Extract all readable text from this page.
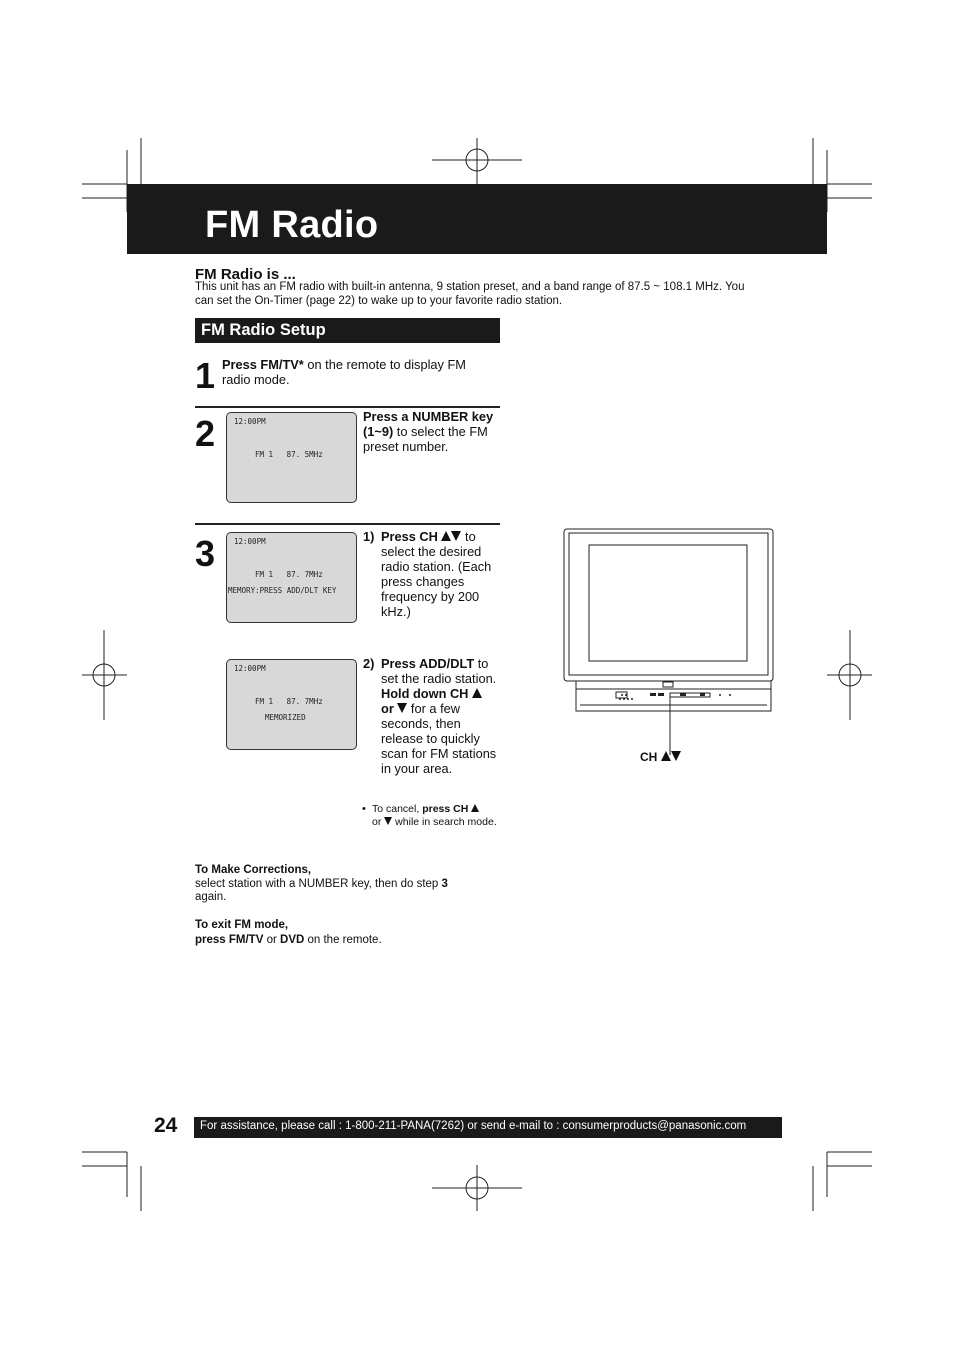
FM Radio
FM Radio is ...
This unit has an FM radio with built-in antenna, 9 station preset, and a band range of 87.5 ~ 108.1 MHz. You can set the On-Timer (page 22) to wake up to your favorite radio station.
FM Radio Setup
1 Press FM/TV* on the remote to display FM radio mode.
2	12:00PM
FM 1   87. 5MHz
Press a NUMBER key (1~9) to select the FM preset number.
3	12:00PM
FM 1   87. 7MHz
MEMORY:PRESS ADD/DLT KEY
1) Press CH  to select the desired radio station. (Each press changes frequency by 200 kHz.)
12:00PM
FM 1   87. 7MHz
MEMORIZED
2) Press ADD/DLT to set the radio station.
Hold down CH
or  for a few seconds, then release to quickly scan for FM stations in your area.
• To cancel, press CH
or  while in search mode.
To Make Corrections,
select station with a NUMBER key, then do step 3
again.
To exit FM mode,
press FM/TV or DVD on the remote.
CH
24 For assistance, please call : 1-800-211-PANA(7262) or send e-mail to : consumerproducts@panasonic.com
